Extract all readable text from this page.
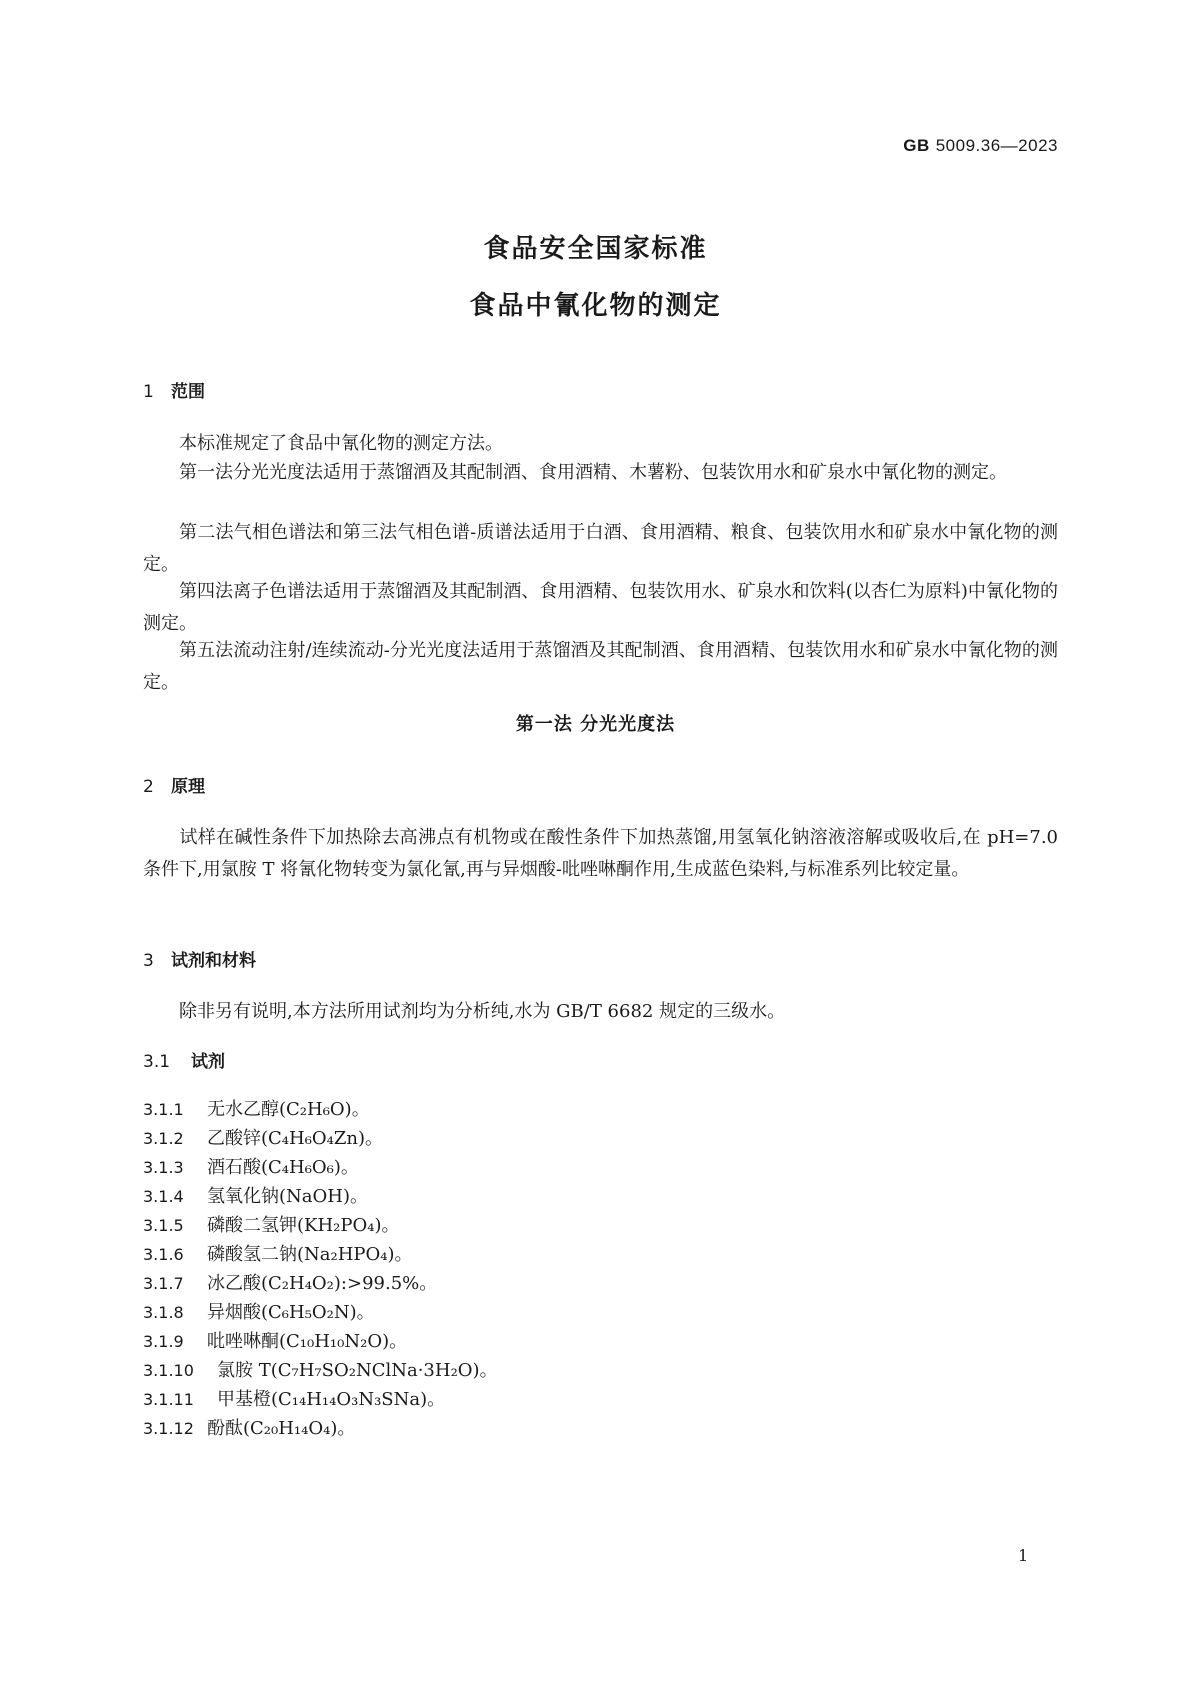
GB 5009.36—2023
食品安全国家标准
食品中氰化物的测定
1 范围
本标准规定了食品中氰化物的测定方法。
第一法分光光度法适用于蒸馏酒及其配制酒、食用酒精、木薯粉、包装饮用水和矿泉水中氰化物的测定。
第二法气相色谱法和第三法气相色谱-质谱法适用于白酒、食用酒精、粮食、包装饮用水和矿泉水中氰化物的测定。
第四法离子色谱法适用于蒸馏酒及其配制酒、食用酒精、包装饮用水、矿泉水和饮料(以杏仁为原料)中氰化物的测定。
第五法流动注射/连续流动-分光光度法适用于蒸馏酒及其配制酒、食用酒精、包装饮用水和矿泉水中氰化物的测定。
第一法 分光光度法
2 原理
试样在碱性条件下加热除去高沸点有机物或在酸性条件下加热蒸馏,用氢氧化钠溶液溶解或吸收后,在 pH=7.0 条件下,用氯胺 T 将氰化物转变为氯化氰,再与异烟酸-吡唑啉酮作用,生成蓝色染料,与标准系列比较定量。
3 试剂和材料
除非另有说明,本方法所用试剂均为分析纯,水为 GB/T 6682 规定的三级水。
3.1 试剂
3.1.1 无水乙醇(C₂H₆O)。
3.1.2 乙酸锌(C₄H₆O₄Zn)。
3.1.3 酒石酸(C₄H₆O₆)。
3.1.4 氢氧化钠(NaOH)。
3.1.5 磷酸二氢钾(KH₂PO₄)。
3.1.6 磷酸氢二钠(Na₂HPO₄)。
3.1.7 冰乙酸(C₂H₄O₂):>99.5%。
3.1.8 异烟酸(C₆H₅O₂N)。
3.1.9 吡唑啉酮(C₁₀H₁₀N₂O)。
3.1.10 氯胺 T(C₇H₇SO₂NClNa·3H₂O)。
3.1.11 甲基橙(C₁₄H₁₄O₃N₃SNa)。
3.1.12 酚酞(C₂₀H₁₄O₄)。
1
